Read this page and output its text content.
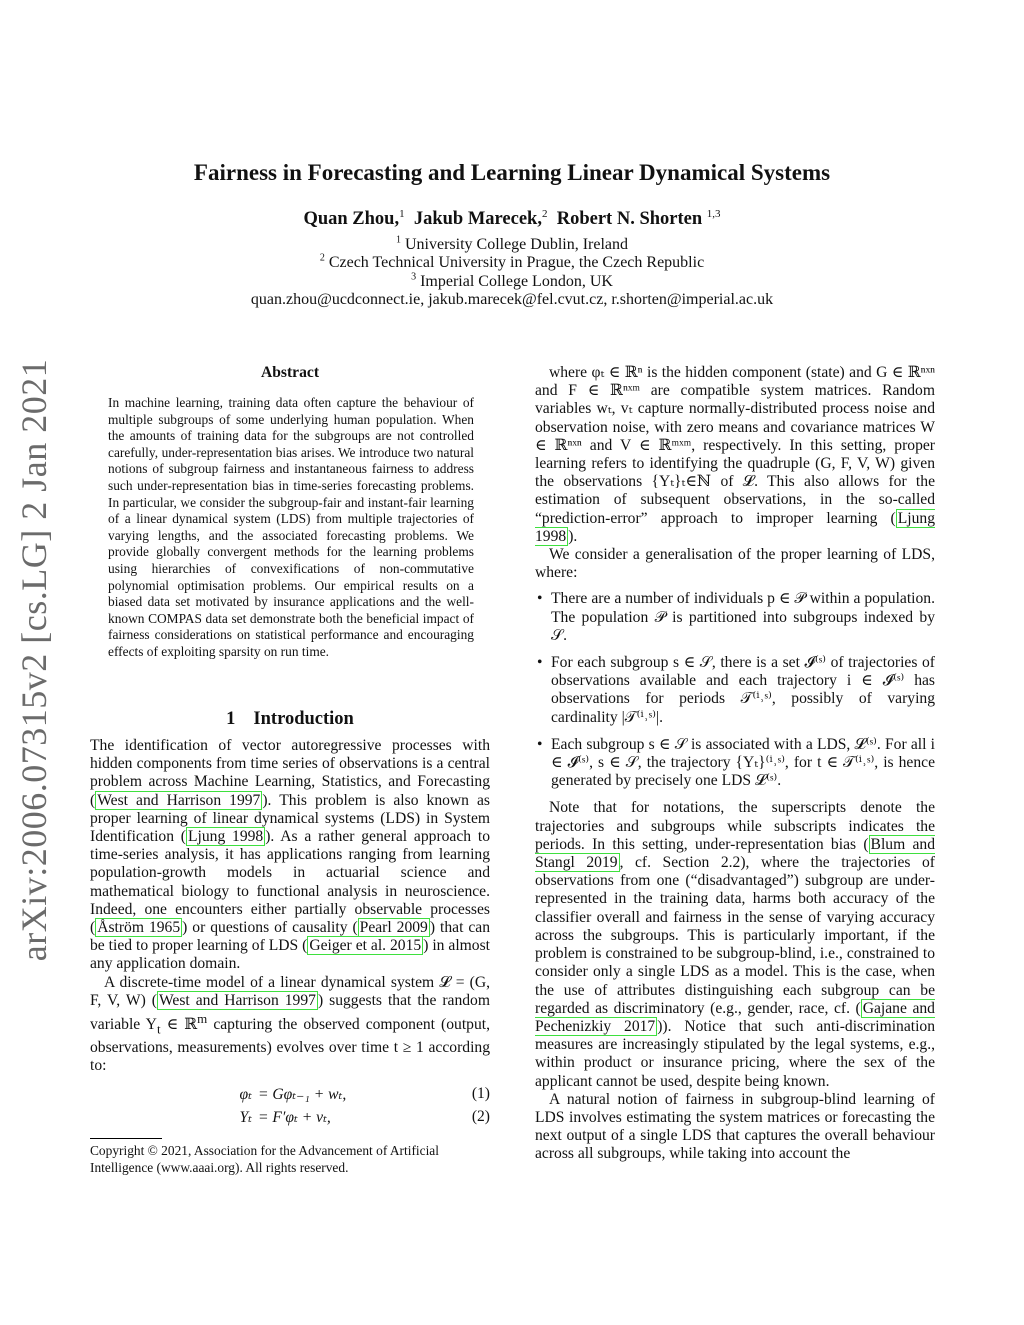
arXiv:2006.07315v2 [cs.LG] 2 Jan 2021
Fairness in Forecasting and Learning Linear Dynamical Systems
Quan Zhou,$^1$ Jakub Marecek,$^2$ Robert N. Shorten $^{1,3}$
$^1$ University College Dublin, Ireland
$^2$ Czech Technical University in Prague, the Czech Republic
$^3$ Imperial College London, UK
quan.zhou@ucdconnect.ie, jakub.marecek@fel.cvut.cz, r.shorten@imperial.ac.uk
Abstract
In machine learning, training data often capture the behaviour of multiple subgroups of some underlying human population. When the amounts of training data for the subgroups are not controlled carefully, under-representation bias arises. We introduce two natural notions of subgroup fairness and instantaneous fairness to address such under-representation bias in time-series forecasting problems. In particular, we consider the subgroup-fair and instant-fair learning of a linear dynamical system (LDS) from multiple trajectories of varying lengths, and the associated forecasting problems. We provide globally convergent methods for the learning problems using hierarchies of convexifications of non-commutative polynomial optimisation problems. Our empirical results on a biased data set motivated by insurance applications and the well-known COMPAS data set demonstrate both the beneficial impact of fairness considerations on statistical performance and encouraging effects of exploiting sparsity on run time.
1 Introduction

The identification of vector autoregressive processes with hidden components from time series of observations is a central problem across Machine Learning, Statistics, and Forecasting ( West and Harrison 1997 ). This problem is also known as proper learning of linear dynamical systems (LDS) in System Identification ( Ljung 1998 ). As a rather general approach to time-series analysis, it has applications ranging from learning population-growth models in actuarial science and mathematical biology to functional analysis in neuroscience. Indeed, one encounters either partially observable processes ( Åström 1965 ) or questions of causality ( Pearl 2009 ) that can be tied to proper learning of LDS ( Geiger et al. 2015 ) in almost any application domain.

A discrete-time model of a linear dynamical system 𝓛 = (G, F, V, W) ( West and Harrison 1997 ) suggests that the random variable $Y_t$ ∈ ℝ$^m$ capturing the observed component (output, observations, measurements) evolves over time t ≥ 1 according to:

φₜ = Gφₜ₋₁ + wₜ,	(1)
Yₜ = F′φₜ + vₜ,	(2)
Copyright © 2021, Association for the Advancement of Artificial Intelligence (www.aaai.org). All rights reserved.

where φₜ ∈ ℝⁿ is the hidden component (state) and G ∈ ℝⁿˣⁿ and F ∈ ℝⁿˣᵐ are compatible system matrices. Random variables wₜ, vₜ capture normally-distributed process noise and observation noise, with zero means and covariance matrices W ∈ ℝⁿˣⁿ and V ∈ ℝᵐˣᵐ, respectively. In this setting, proper learning refers to identifying the quadruple (G, F, V, W) given the observations {Yₜ}ₜ∈ℕ of 𝓛. This also allows for the estimation of subsequent observations, in the so-called “prediction-error” approach to improper learning ( Ljung 1998 ).

We consider a generalisation of the proper learning of LDS, where:

• There are a number of individuals p ∈ 𝒫 within a population. The population 𝒫 is partitioned into subgroups indexed by 𝒮.
• For each subgroup s ∈ 𝒮, there is a set 𝓘⁽ˢ⁾ of trajectories of observations available and each trajectory i ∈ 𝓘⁽ˢ⁾ has observations for periods 𝒯⁽ⁱ˒ˢ⁾, possibly of varying cardinality |𝒯⁽ⁱ˒ˢ⁾|.
• Each subgroup s ∈ 𝒮 is associated with a LDS, 𝓛⁽ˢ⁾. For all i ∈ 𝓘⁽ˢ⁾, s ∈ 𝒮, the trajectory {Yₜ}⁽ⁱ˒ˢ⁾, for t ∈ 𝒯⁽ⁱ˒ˢ⁾, is hence generated by precisely one LDS 𝓛⁽ˢ⁾.

Note that for notations, the superscripts denote the trajectories and subgroups while subscripts indicates the periods. In this setting, under-representation bias ( Blum and Stangl 2019 , cf. Section 2.2), where the trajectories of observations from one (“disadvantaged”) subgroup are under-represented in the training data, harms both accuracy of the classifier overall and fairness in the sense of varying accuracy across the subgroups. This is particularly important, if the problem is constrained to be subgroup-blind, i.e., constrained to consider only a single LDS as a model. This is the case, when the use of attributes distinguishing each subgroup can be regarded as discriminatory (e.g., gender, race, cf. ( Gajane and Pechenizkiy 2017 )). Notice that such anti-discrimination measures are increasingly stipulated by the legal systems, e.g., within product or insurance pricing, where the sex of the applicant cannot be used, despite being known.

A natural notion of fairness in subgroup-blind learning of LDS involves estimating the system matrices or forecasting the next output of a single LDS that captures the overall behaviour across all subgroups, while taking into account the
